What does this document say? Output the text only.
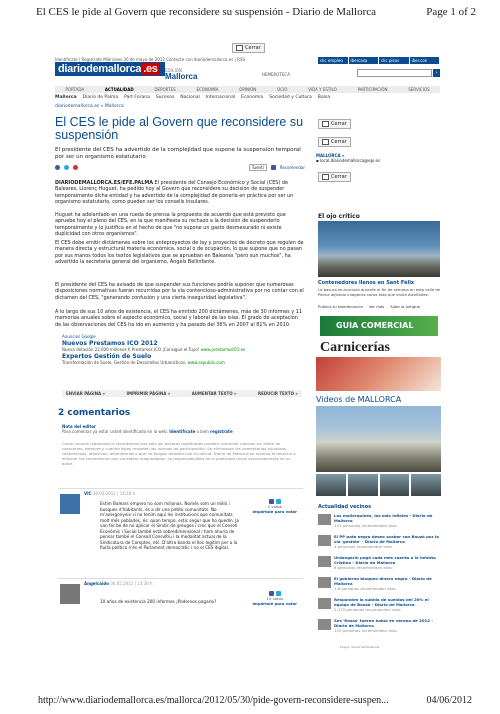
El CES le pide al Govern que reconsidere su suspensión - Diario de Mallorca	Page 1 of 2
Cerrar
Identifícate | Regístrate Miércoles 30 de mayo de 2012 Contacte con diariodemallorca.es | RSS	clic empleo	ibercasa	clic pisos	iber.con
diariodemallorca .es	EDICIÓN
Mallorca	HEMEROTECA	›
PORTADA	ACTUALIDAD	DEPORTES	ECONOMÍA	OPINIÓN	OCIO	VIDA Y ESTILO	PARTICIPACIÓN	SERVICIOS
Mallorca Diario de Palma Part Forana Sucesos Nacional Internacional Economía Sociedad y Cultura Bolsa
diariodemallorca.es » Mallorca
El CES le pide al Govern que reconsidere su suspensión
El presidente del CES ha advertido de la complejidad que supone la suspensión temporal por ser un organismo estatutario
Tuenti	Recomendar
DIARIODEMALLORCA.ES/EFE.PALMA El presidente del Consejo Económico y Social (CES) de Baleares, Llorenç Huguet, ha pedido hoy al Govern que reconsidere su decisión de suspender temporalmente dicha entidad y ha advertido de la complejidad de ponerla en práctica por ser un organismo estatutario, como pueden ser los consells insulares.
Huguet ha adelantado en una rueda de prensa la propuesta de acuerdo que está previsto que apruebe hoy el pleno del CES, en la que manifiesta su rechazo a la decisión de suspenderlo temporalmente y lo justifica en el hecho de que "no supone un gasto desmesurado ni existe duplicidad con otros organismos".
El CES debe emitir dictámenes sobre los anteproyectos de ley y proyectos de decreto que regulen de manera directa y estructural materia económica, social o de ocupación, lo que supone que no pasan por sus manos todos los textos legislativos que se aprueban en Baleares "pero sun muchos", ha advertido la secretaria general del organismo, Ángels Bellinfante.
El presidente del CES ha avisado de que suspender sus funciones podría suponer que numerosas disposiciones normativas fueran recurridas por la vía contencioso-administrativa por no contar con el dictamen del CES, "generando confusión y una cierta inseguridad legislativa".
A lo largo de sus 10 años de existencia, el CES ha emitido 200 dictámenes, más de 30 informes y 11 memorias anuales sobre el aspecto económico, social y laboral de las islas. El grado de aceptación de las observaciones del CES ha ido en aumento y ha pasado del 36% en 2007 al 81% en 2010.
Anuncios Google
Nuevos Prestamos ICO 2012
Nueva dotación 22.000 millones € Prestamos ICO ¡Consigue el Tuyo! www.prestamosICO.es
Expertos Gestión de Suelo
Transformación de Suelo, Gestión de Desarrollos Urbanísticos. www.espublic.com
ENVIAR PÁGINA »	IMPRIMIR PÁGINA »	AUMENTAR TEXTO »	REDUCIR TEXTO »
2 comentarios
Nota del editor
Para comentar ya estar usted identificado en la web. Identifícate o bien regístrate
Como usuario registrado le recordamos que sólo los lectores registrados pueden comentar noticias sin límite de caracteres, siempre y cuando éstos respeten las normas de participación. Se eliminarán los comentarios injuriosos, calumniosos, ofensivos, difamatorios o que no tengan relación con la noticia. Diario de Mallorca se reserva el derecho a eliminar los comentarios que considere inapropiados. La responsabilidad de lo publicado recae exclusivamente en su autor.
VIC 30.05.2012 | 14:28 h
Estim Balears empero no som milionas. Només som un milió i busques d'habitants, és a dir una petita comunitats. No m'avergonyeix si no tenim aquí les institucions que comunitats molt més poblades, és: quan tempo, estic segur que ho quedín. Ja van fer be de no aplicar el Síndic de greuges i crec que el Consell Econòmic i Social també està sobredimensional i hom ahuria de pensar també el Consell Consultiu i la modalitat actual de la Sindicatura de Comptes, etc. D'altra banda el lloc legitim per a la fiuita política n'és el Parlament democràtic i no el CES digital.
2 votos
Impórtale para votar
Angelcaido 30.05.2012 | 13:30 h
10 años de existencia 200 informes ¡Poderoos pagarlo?
10 votos
Impórtale para votar
Cerrar
Cerrar
MALLORCA »
▪ local.diariodemallorca@epi.es
Cerrar
El ojo crítico
Contenedores llenos en Sant Fèlix
La basura se acumula durante el fin de semana en esta calle de Palma dejando imágenes como ésta que envía AlexSaitez.
Publica tu fotodenuncia Ver más Sube la antigua
GUIA COMERCIAL
Carnicerías
Videos de MALLORCA
Actualidad vecinos
Los mallorquines, los más infieles - Diario de Mallorca
153 personas recomiendan esto.
El PP pata negro deseo acabar con Bauzà por la vía 'gestión' - Diario de Mallorca
4 personas recomiendan esto.
Urdangarín pagó cada mes cuenta a la Infanta Cristina - Diario de Mallorca
8 personas recomiendan esto.
El gobierno bloquea dinero negro - Diario de Mallorca
1,6 personas recomiendan esto.
Responden la subida de sueldos del 20% el equipo de Bauzà - Diario de Mallorca
2.175 personas recomiendan esto.
Ses 'Rosas' fueron había en verano de 2012 - Diario de Mallorca
123 personas recomiendan esto.
Plug-in social de Facebook
http://www.diariodemallorca.es/mallorca/2012/05/30/pide-govern-reconsidere-suspen...	04/06/2012
